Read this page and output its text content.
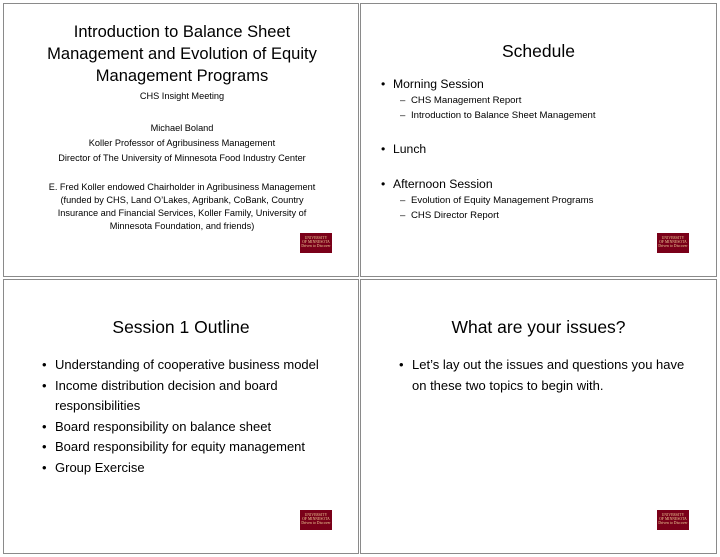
Introduction to Balance Sheet
Management and Evolution of Equity
Management Programs
CHS Insight Meeting
Michael Boland
Koller Professor of Agribusiness Management
Director of The University of Minnesota Food Industry Center
E. Fred Koller endowed Chairholder in Agribusiness Management
(funded by CHS, Land O’Lakes, Agribank, CoBank, Country
Insurance and Financial Services, Koller Family, University of
Minnesota Foundation, and friends)
UNIVERSITY
OF MINNESOTA
Driven to Discover
Schedule
• Morning Session
– CHS Management Report
– Introduction to Balance Sheet Management
• Lunch
• Afternoon Session
– Evolution of Equity Management Programs
– CHS Director Report
UNIVERSITY
OF MINNESOTA
Driven to Discover
Session 1 Outline
• Understanding of cooperative business model
• Income distribution decision and board
responsibilities
• Board responsibility on balance sheet
• Board responsibility for equity management
• Group Exercise
UNIVERSITY
OF MINNESOTA
Driven to Discover
What are your issues?
• Let’s lay out the issues and questions you have
on these two topics to begin with.
UNIVERSITY
OF MINNESOTA
Driven to Discover
